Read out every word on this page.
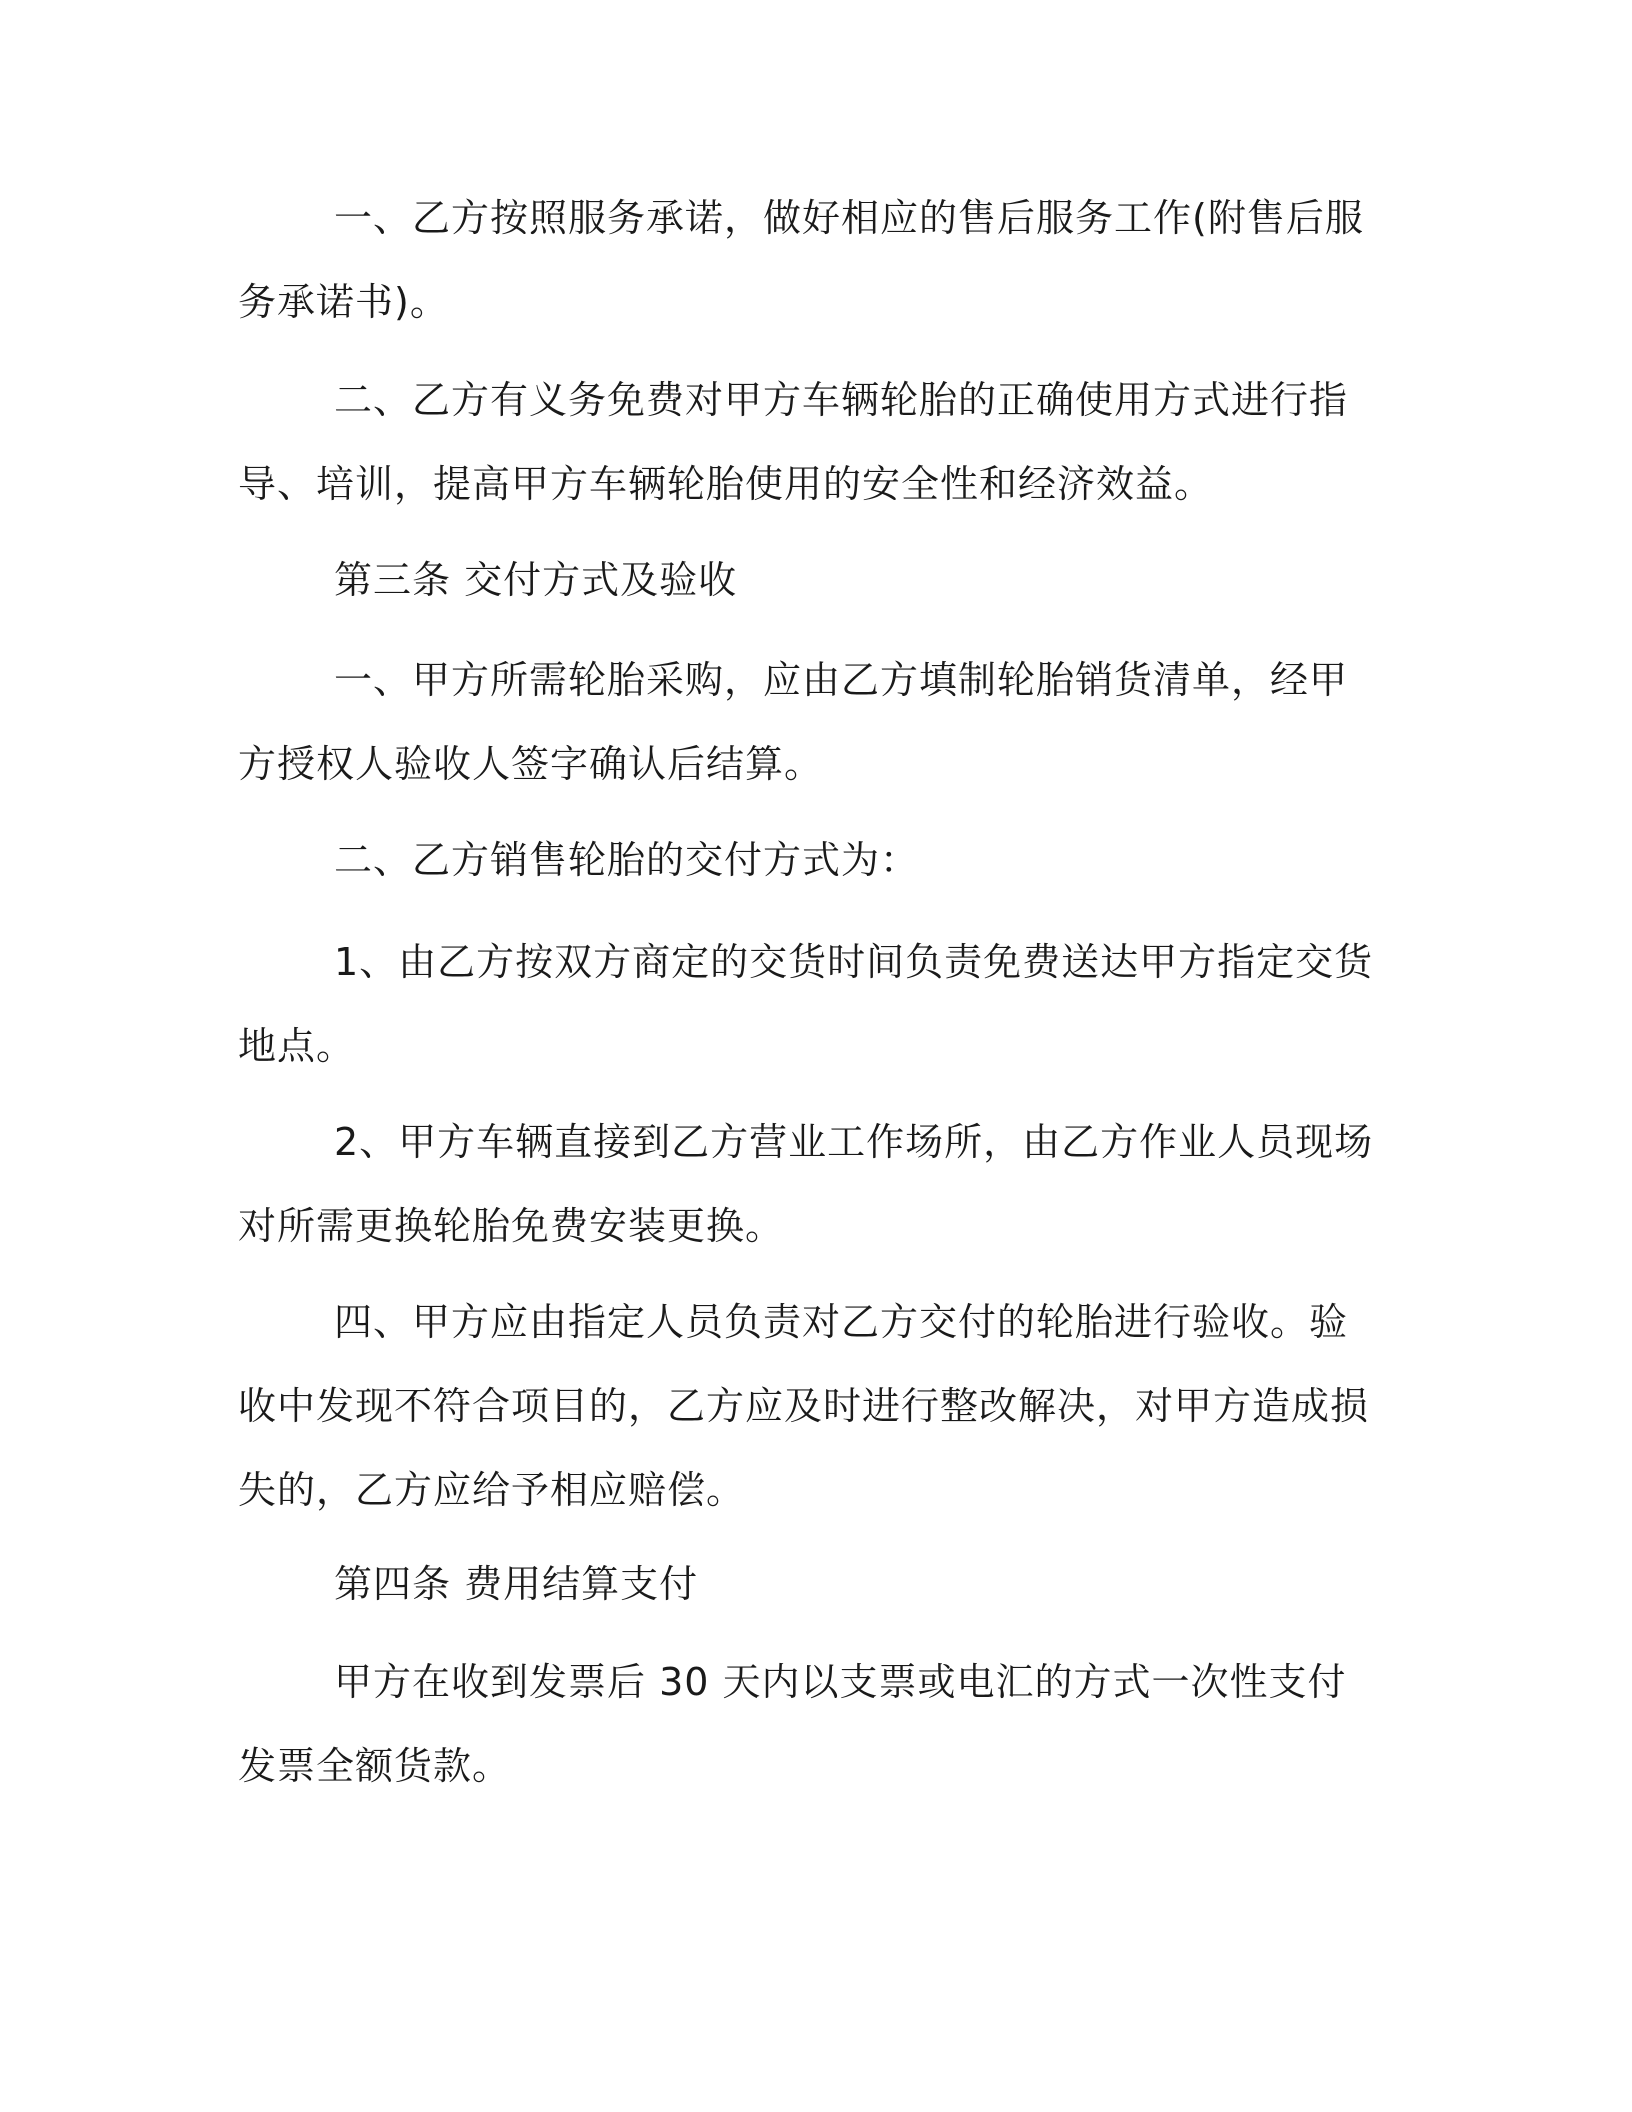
一、乙方按照服务承诺，做好相应的售后服务工作(附售后服务承诺书)。

二、乙方有义务免费对甲方车辆轮胎的正确使用方式进行指导、培训，提高甲方车辆轮胎使用的安全性和经济效益。

第三条 交付方式及验收

一、甲方所需轮胎采购，应由乙方填制轮胎销货清单，经甲方授权人验收人签字确认后结算。

二、乙方销售轮胎的交付方式为：

1、由乙方按双方商定的交货时间负责免费送达甲方指定交货地点。

2、甲方车辆直接到乙方营业工作场所，由乙方作业人员现场对所需更换轮胎免费安装更换。

四、甲方应由指定人员负责对乙方交付的轮胎进行验收。验收中发现不符合项目的，乙方应及时进行整改解决，对甲方造成损失的，乙方应给予相应赔偿。

第四条 费用结算支付

甲方在收到发票后 30 天内以支票或电汇的方式一次性支付发票全额货款。
